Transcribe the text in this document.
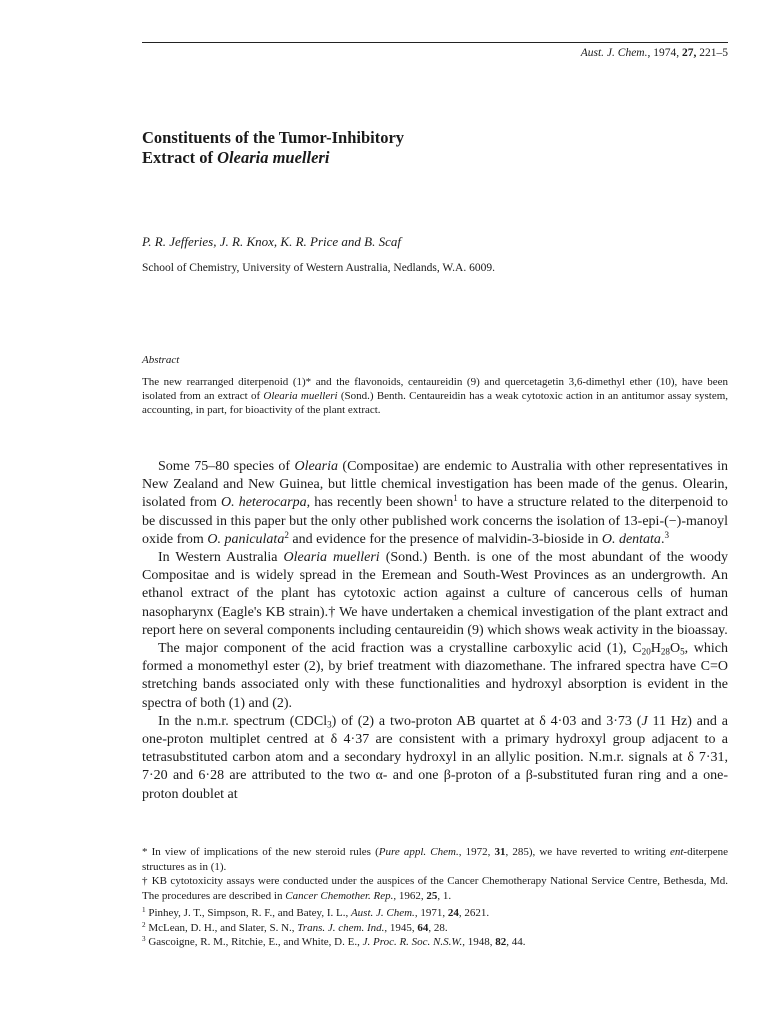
Aust. J. Chem., 1974, 27, 221–5
Constituents of the Tumor-Inhibitory
Extract of Olearia muelleri
P. R. Jefferies, J. R. Knox, K. R. Price and B. Scaf
School of Chemistry, University of Western Australia, Nedlands, W.A. 6009.
Abstract
The new rearranged diterpenoid (1)* and the flavonoids, centaureidin (9) and quercetagetin 3,6-dimethyl ether (10), have been isolated from an extract of Olearia muelleri (Sond.) Benth. Centaureidin has a weak cytotoxic action in an antitumor assay system, accounting, in part, for bioactivity of the plant extract.

Some 75–80 species of Olearia (Compositae) are endemic to Australia with other representatives in New Zealand and New Guinea, but little chemical investigation has been made of the genus. Olearin, isolated from O. heterocarpa, has recently been shown$^1$ to have a structure related to the diterpenoid to be discussed in this paper but the only other published work concerns the isolation of 13-epi-(−)-manoyl oxide from O. paniculata$^2$ and evidence for the presence of malvidin-3-bioside in O. dentata.$^3$

In Western Australia Olearia muelleri (Sond.) Benth. is one of the most abundant of the woody Compositae and is widely spread in the Eremean and South-West Provinces as an undergrowth. An ethanol extract of the plant has cytotoxic action against a culture of cancerous cells of human nasopharynx (Eagle's KB strain).† We have undertaken a chemical investigation of the plant extract and report here on several components including centaureidin (9) which shows weak activity in the bioassay.

The major component of the acid fraction was a crystalline carboxylic acid (1), $C_{20}H_{28}O_5$, which formed a monomethyl ester (2), by brief treatment with diazomethane. The infrared spectra have C=O stretching bands associated only with these functionalities and hydroxyl absorption is evident in the spectra of both (1) and (2).

In the n.m.r. spectrum (CDCl$_3$) of (2) a two-proton AB quartet at δ 4·03 and 3·73 (J 11 Hz) and a one-proton multiplet centred at δ 4·37 are consistent with a primary hydroxyl group adjacent to a tetrasubstituted carbon atom and a secondary hydroxyl in an allylic position. N.m.r. signals at δ 7·31, 7·20 and 6·28 are attributed to the two α- and one β-proton of a β-substituted furan ring and a one-proton doublet at

* In view of implications of the new steroid rules (Pure appl. Chem., 1972, 31, 285), we have reverted to writing ent-diterpene structures as in (1).

† KB cytotoxicity assays were conducted under the auspices of the Cancer Chemotherapy National Service Centre, Bethesda, Md. The procedures are described in Cancer Chemother. Rep., 1962, 25, 1.

$^1$ Pinhey, J. T., Simpson, R. F., and Batey, I. L., Aust. J. Chem., 1971, 24, 2621.

$^2$ McLean, D. H., and Slater, S. N., Trans. J. chem. Ind., 1945, 64, 28.

$^3$ Gascoigne, R. M., Ritchie, E., and White, D. E., J. Proc. R. Soc. N.S.W., 1948, 82, 44.
